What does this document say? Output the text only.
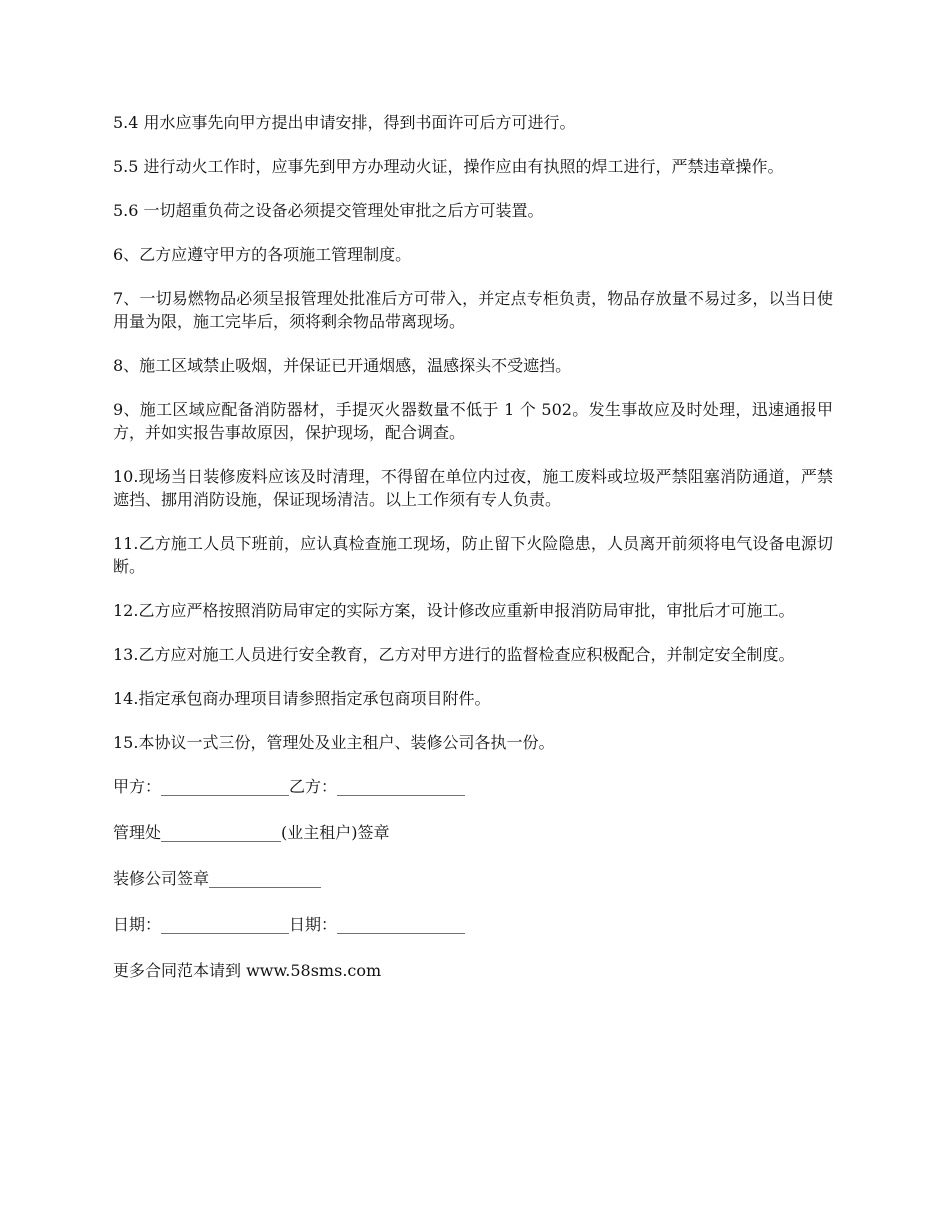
5.4 用水应事先向甲方提出申请安排，得到书面许可后方可进行。

5.5 进行动火工作时，应事先到甲方办理动火证，操作应由有执照的焊工进行，严禁违章操作。

5.6 一切超重负荷之设备必须提交管理处审批之后方可装置。

6、乙方应遵守甲方的各项施工管理制度。

7、一切易燃物品必须呈报管理处批准后方可带入，并定点专柜负责，物品存放量不易过多，以当日使用量为限，施工完毕后，须将剩余物品带离现场。

8、施工区域禁止吸烟，并保证已开通烟感，温感探头不受遮挡。

9、施工区域应配备消防器材，手提灭火器数量不低于 1 个 502。发生事故应及时处理，迅速通报甲方，并如实报告事故原因，保护现场，配合调查。

10.现场当日装修废料应该及时清理，不得留在单位内过夜，施工废料或垃圾严禁阻塞消防通道，严禁遮挡、挪用消防设施，保证现场清洁。以上工作须有专人负责。

11.乙方施工人员下班前，应认真检查施工现场，防止留下火险隐患，人员离开前须将电气设备电源切断。

12.乙方应严格按照消防局审定的实际方案，设计修改应重新申报消防局审批，审批后才可施工。

13.乙方应对施工人员进行安全教育，乙方对甲方进行的监督检查应积极配合，并制定安全制度。

14.指定承包商办理项目请参照指定承包商项目附件。

15.本协议一式三份，管理处及业主租户、装修公司各执一份。

甲方：________________乙方：________________

管理处_______________(业主租户)签章

装修公司签章______________

日期：________________日期：________________

更多合同范本请到 www.58sms.com
